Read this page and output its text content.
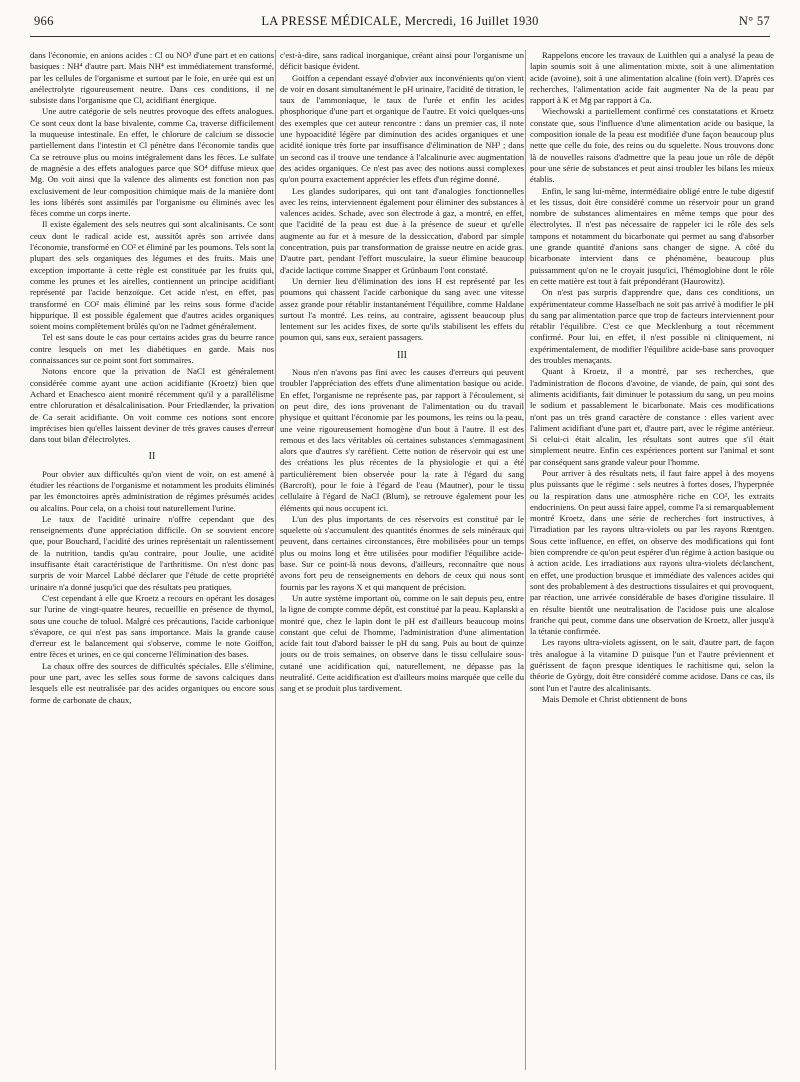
966	LA PRESSE MÉDICALE, Mercredi, 16 Juillet 1930	N° 57

dans l'économie, en anions acides : Cl ou NO³ d'une part et en cations basiques : NH⁴ d'autre part. Mais NH⁴ est immédiatement transformé, par les cellules de l'organisme et surtout par le foie, en urée qui est un anélectrolyte rigoureusement neutre. Dans ces conditions, il ne subsiste dans l'organisme que Cl, acidifiant énergique.

Une autre catégorie de sels neutres provoque des effets analogues. Ce sont ceux dont la base bivalente, comme Ca, traverse difficilement la muqueuse intestinale. En effet, le chlorure de calcium se dissocie partiellement dans l'intestin et Cl pénètre dans l'économie tandis que Ca se retrouve plus ou moins intégralement dans les fèces. Le sulfate de magnésie a des effets analogues parce que SO⁴ diffuse mieux que Mg. On voit ainsi que la valence des aliments est fonction non pas exclusivement de leur composition chimique mais de la manière dont les ions libérés sont assimilés par l'organisme ou éliminés avec les fèces comme un corps inerte.

Il existe également des sels neutres qui sont alcalinisants. Ce sont ceux dont le radical acide est, aussitôt après son arrivée dans l'économie, transformé en CO² et éliminé par les poumons. Tels sont la plupart des sels organiques des légumes et des fruits. Mais une exception importante à cette règle est constituée par les fruits qui, comme les prunes et les airelles, contiennent un principe acidifiant représenté par l'acide benzoïque. Cet acide n'est, en effet, pas transformé en CO² mais éliminé par les reins sous forme d'acide hippurique. Il est possible également que d'autres acides organiques soient moins complètement brûlés qu'on ne l'admet généralement.

Tel est sans doute le cas pour certains acides gras du beurre rance contre lesquels on met les diabétiques en garde. Mais nos connaissances sur ce point sont fort sommaires.

Notons encore que la privation de NaCl est généralement considérée comme ayant une action acidifiante (Kroetz) bien que Achard et Enachesco aient montré récemment qu'il y a parallélisme entre chloruration et désalcalinisation. Pour Friedlænder, la privation de Ca serait acidifiante. On voit comme ces notions sont encore imprécises bien qu'elles laissent deviner de très graves causes d'erreur dans tout bilan d'électrolytes.

II

Pour obvier aux difficultés qu'on vient de voir, on est amené à étudier les réactions de l'organisme et notamment les produits éliminés par les émonctoires après administration de régimes présumés acides ou alcalins. Pour cela, on a choisi tout naturellement l'urine.

Le taux de l'acidité urinaire n'offre cependant que des renseignements d'une appréciation difficile. On se souvient encore que, pour Bouchard, l'acidité des urines représentait un ralentissement de la nutrition, tandis qu'au contraire, pour Joulie, une acidité insuffisante était caractéristique de l'arthritisme. On n'est donc pas surpris de voir Marcel Labbé déclarer que l'étude de cette propriété urinaire n'a donné jusqu'ici que des résultats peu pratiques.

C'est cependant à elle que Kroetz a recours en opérant les dosages sur l'urine de vingt-quatre heures, recueillie en présence de thymol, sous une couche de toluol. Malgré ces précautions, l'acide carbonique s'évapore, ce qui n'est pas sans importance. Mais la grande cause d'erreur est le balancement qui s'observe, comme le note Goiffon, entre fèces et urines, en ce qui concerne l'élimination des bases.

La chaux offre des sources de difficultés spéciales. Elle s'élimine, pour une part, avec les selles sous forme de savons calciques dans lesquels elle est neutralisée par des acides organiques ou encore sous forme de carbonate de chaux,

c'est-à-dire, sans radical inorganique, créant ainsi pour l'organisme un déficit basique évident.

Goiffon a cependant essayé d'obvier aux inconvénients qu'on vient de voir en dosant simultanément le pH urinaire, l'acidité de titration, le taux de l'ammoniaque, le taux de l'urée et enfin les acides phosphorique d'une part et organique de l'autre. Et voici quelques-uns des exemples que cet auteur rencontre : dans un premier cas, il note une hypoacidité légère par diminution des acides organiques et une acidité ionique très forte par insuffisance d'élimination de NH³ ; dans un second cas il trouve une tendance à l'alcalinurie avec augmentation des acides organiques. Ce n'est pas avec des notions aussi complexes qu'on pourra exactement apprécier les effets d'un régime donné.

Les glandes sudoripares, qui ont tant d'analogies fonctionnelles avec les reins, interviennent également pour éliminer des substances à valences acides. Schade, avec son électrode à gaz, a montré, en effet, que l'acidité de la peau est due à la présence de sueur et qu'elle augmente au fur et à mesure de la dessiccation, d'abord par simple concentration, puis par transformation de graisse neutre en acide gras. D'autre part, pendant l'effort musculaire, la sueur élimine beaucoup d'acide lactique comme Snapper et Grünbaum l'ont constaté.

Un dernier lieu d'élimination des ions H est représenté par les poumons qui chassent l'acide carbonique du sang avec une vitesse assez grande pour rétablir instantanément l'équilibre, comme Haldane surtout l'a montré. Les reins, au contraire, agissent beaucoup plus lentement sur les acides fixes, de sorte qu'ils stabilisent les effets du poumon qui, sans eux, seraient passagers.

III

Nous n'en n'avons pas fini avec les causes d'erreurs qui peuvent troubler l'appréciation des effets d'une alimentation basique ou acide. En effet, l'organisme ne représente pas, par rapport à l'écoulement, si on peut dire, des ions provenant de l'alimentation ou du travail physique et quittant l'économie par les poumons, les reins ou la peau, une veine rigoureusement homogène d'un bout à l'autre. Il est des remous et des lacs véritables où certaines substances s'emmagasinent alors que d'autres s'y raréfient. Cette notion de réservoir qui est une des créations les plus récentes de la physiologie et qui a été particulièrement bien observée pour la rate à l'égard du sang (Barcroft), pour le foie à l'égard de l'eau (Mautner), pour le tissu cellulaire à l'égard de NaCl (Blum), se retrouve également pour les éléments qui nous occupent ici.

L'un des plus importants de ces réservoirs est constitué par le squelette où s'accumulent des quantités énormes de sels minéraux qui peuvent, dans certaines circonstances, être mobilisées pour un temps plus ou moins long et être utilisées pour modifier l'équilibre acide-base. Sur ce point-là nous devons, d'ailleurs, reconnaître que nous avons fort peu de renseignements en dehors de ceux qui nous sont fournis par les rayons X et qui manquent de précision.

Un autre système important où, comme on le sait depuis peu, entre la ligne de compte comme dépôt, est constitué par la peau. Kaplanski a montré que, chez le lapin dont le pH est d'ailleurs beaucoup moins constant que celui de l'homme, l'administration d'une alimentation acide fait tout d'abord baisser le pH du sang. Puis au bout de quinze jours ou de trois semaines, on observe dans le tissu cellulaire sous-cutané une acidification qui, naturellement, ne dépasse pas la neutralité. Cette acidification est d'ailleurs moins marquée que celle du sang et se produit plus tardivement.

Rappelons encore les travaux de Luithlen qui a analysé la peau de lapin soumis soit à une alimentation mixte, soit à une alimentation acide (avoine), soit à une alimentation alcaline (foin vert). D'après ces recherches, l'alimentation acide fait augmenter Na de la peau par rapport à K et Mg par rapport à Ca.

Wiechowski a partiellement confirmé ces constatations et Kroetz constate que, sous l'influence d'une alimentation acide ou basique, la composition ionale de la peau est modifiée d'une façon beaucoup plus nette que celle du foie, des reins ou du squelette. Nous trouvons donc là de nouvelles raisons d'admettre que la peau joue un rôle de dépôt pour une série de substances et peut ainsi troubler les bilans les mieux établis.

Enfin, le sang lui-même, intermédiaire obligé entre le tube digestif et les tissus, doit être considéré comme un réservoir pour un grand nombre de substances alimentaires en même temps que pour des électrolytes. Il n'est pas nécessaire de rappeler ici le rôle des sels tampons et notamment du bicarbonate qui permet au sang d'absorber une grande quantité d'anions sans changer de signe. A côté du bicarbonate intervient dans ce phénomène, beaucoup plus puissamment qu'on ne le croyait jusqu'ici, l'hémoglobine dont le rôle en cette matière est tout à fait prépondérant (Haurowitz).

On n'est pas surpris d'apprendre que, dans ces conditions, un expérimentateur comme Hasselbach ne soit pas arrivé à modifier le pH du sang par alimentation parce que trop de facteurs interviennent pour rétablir l'équilibre. C'est ce que Mecklenburg a tout récemment confirmé. Pour lui, en effet, il n'est possible ni cliniquement, ni expérimentalement, de modifier l'équilibre acide-base sans provoquer des troubles menaçants.

Quant à Kroetz, il a montré, par ses recherches, que l'administration de flocons d'avoine, de viande, de pain, qui sont des aliments acidifiants, fait diminuer le potassium du sang, un peu moins le sodium et passablement le bicarbonate. Mais ces modifications n'ont pas un très grand caractère de constance : elles varient avec l'aliment acidifiant d'une part et, d'autre part, avec le régime antérieur. Si celui-ci était alcalin, les résultats sont autres que s'il était simplement neutre. Enfin ces expériences portent sur l'animal et sont par conséquent sans grande valeur pour l'homme.

Pour arriver à des résultats nets, il faut faire appel à des moyens plus puissants que le régime : sels neutres à fortes doses, l'hyperpnée ou la respiration dans une atmosphère riche en CO², les extraits endocriniens. On peut aussi faire appel, comme l'a si remarquablement montré Kroetz, dans une série de recherches fort instructives, à l'irradiation par les rayons ultra-violets ou par les rayons Rœntgen. Sous cette influence, en effet, on observe des modifications qui font bien comprendre ce qu'on peut espérer d'un régime à action basique ou à action acide. Les irradiations aux rayons ultra-violets déclanchent, en effet, une production brusque et immédiate des valences acides qui sont des probablement à des destructions tissulaires et qui provoquent, par réaction, une arrivée considérable de bases d'origine tissulaire. Il en résulte bientôt une neutralisation de l'acidose puis une alcalose franche qui peut, comme dans une observation de Kroetz, aller jusqu'à la tétanie confirmée.

Les rayons ultra-violets agissent, on le sait, d'autre part, de façon très analogue à la vitamine D puisque l'un et l'autre préviennent et guérissent de façon presque identiques le rachitisme qui, selon la théorie de György, doit être considéré comme acidose. Dans ce cas, ils sont l'un et l'autre des alcalinisants.

Mais Demole et Christ obtiennent de bons
